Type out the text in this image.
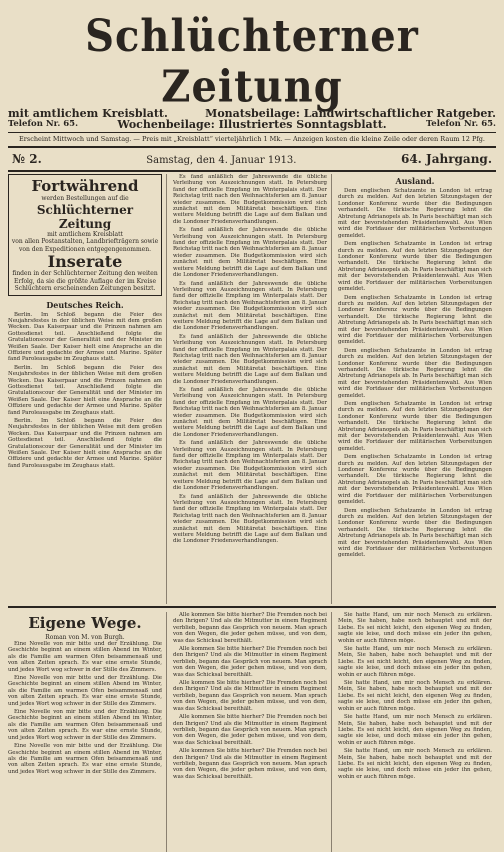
Schlüchterner Zeitung
mit amtlichem Kreisblatt.	Monatsbeilage: Landwirtschaftlicher Ratgeber.
Telefon Nr. 65.	Wochenbeilage: Illustriertes Sonntagsblatt.	Telefon Nr. 65.
Erscheint Mittwoch und Samstag. — Preis mit „Kreisblatt“ vierteljährlich 1 Mk. — Anzeigen kosten die kleine Zeile oder deren Raum 12 Pfg.
№ 2.	Samstag, den 4. Januar 1913.	64. Jahrgang.
Fortwährend
werden Bestellungen auf die
Schlüchterner Zeitung
mit amtlichem Kreisblatt
von allen Postanstalten, Landbriefträgern sowie von den Expeditionen entgegengenommen.
Inserate
finden in der Schlüchterner Zeitung den weiten Erfolg, da sie die größte Auflage der im Kreise Schlüchtern erscheinenden Zeitungen besitzt.
Deutsches Reich.

Berlin. Im Schloß begann die Feier des Neujahrsfestes in der üblichen Weise mit dem großen Wecken. Das Kaiserpaar und die Prinzen nahmen am Gottesdienst teil. Anschließend folgte die Gratulationscour der Generalität und der Minister im Weißen Saale. Der Kaiser hielt eine Ansprache an die Offiziere und gedachte der Armee und Marine. Später fand Paroleausgabe im Zeughaus statt.

Berlin. Im Schloß begann die Feier des Neujahrsfestes in der üblichen Weise mit dem großen Wecken. Das Kaiserpaar und die Prinzen nahmen am Gottesdienst teil. Anschließend folgte die Gratulationscour der Generalität und der Minister im Weißen Saale. Der Kaiser hielt eine Ansprache an die Offiziere und gedachte der Armee und Marine. Später fand Paroleausgabe im Zeughaus statt.

Berlin. Im Schloß begann die Feier des Neujahrsfestes in der üblichen Weise mit dem großen Wecken. Das Kaiserpaar und die Prinzen nahmen am Gottesdienst teil. Anschließend folgte die Gratulationscour der Generalität und der Minister im Weißen Saale. Der Kaiser hielt eine Ansprache an die Offiziere und gedachte der Armee und Marine. Später fand Paroleausgabe im Zeughaus statt.

Es fand anläßlich der Jahreswende die übliche Verleihung von Auszeichnungen statt. In Petersburg fand der offizielle Empfang im Winterpalais statt. Der Reichstag tritt nach den Weihnachtsferien am 8. Januar wieder zusammen. Die Budgetkommission wird sich zunächst mit dem Militäretat beschäftigen. Eine weitere Meldung betrifft die Lage auf dem Balkan und die Londoner Friedensverhandlungen.

Es fand anläßlich der Jahreswende die übliche Verleihung von Auszeichnungen statt. In Petersburg fand der offizielle Empfang im Winterpalais statt. Der Reichstag tritt nach den Weihnachtsferien am 8. Januar wieder zusammen. Die Budgetkommission wird sich zunächst mit dem Militäretat beschäftigen. Eine weitere Meldung betrifft die Lage auf dem Balkan und die Londoner Friedensverhandlungen.

Es fand anläßlich der Jahreswende die übliche Verleihung von Auszeichnungen statt. In Petersburg fand der offizielle Empfang im Winterpalais statt. Der Reichstag tritt nach den Weihnachtsferien am 8. Januar wieder zusammen. Die Budgetkommission wird sich zunächst mit dem Militäretat beschäftigen. Eine weitere Meldung betrifft die Lage auf dem Balkan und die Londoner Friedensverhandlungen.

Es fand anläßlich der Jahreswende die übliche Verleihung von Auszeichnungen statt. In Petersburg fand der offizielle Empfang im Winterpalais statt. Der Reichstag tritt nach den Weihnachtsferien am 8. Januar wieder zusammen. Die Budgetkommission wird sich zunächst mit dem Militäretat beschäftigen. Eine weitere Meldung betrifft die Lage auf dem Balkan und die Londoner Friedensverhandlungen.

Es fand anläßlich der Jahreswende die übliche Verleihung von Auszeichnungen statt. In Petersburg fand der offizielle Empfang im Winterpalais statt. Der Reichstag tritt nach den Weihnachtsferien am 8. Januar wieder zusammen. Die Budgetkommission wird sich zunächst mit dem Militäretat beschäftigen. Eine weitere Meldung betrifft die Lage auf dem Balkan und die Londoner Friedensverhandlungen.

Es fand anläßlich der Jahreswende die übliche Verleihung von Auszeichnungen statt. In Petersburg fand der offizielle Empfang im Winterpalais statt. Der Reichstag tritt nach den Weihnachtsferien am 8. Januar wieder zusammen. Die Budgetkommission wird sich zunächst mit dem Militäretat beschäftigen. Eine weitere Meldung betrifft die Lage auf dem Balkan und die Londoner Friedensverhandlungen.

Es fand anläßlich der Jahreswende die übliche Verleihung von Auszeichnungen statt. In Petersburg fand der offizielle Empfang im Winterpalais statt. Der Reichstag tritt nach den Weihnachtsferien am 8. Januar wieder zusammen. Die Budgetkommission wird sich zunächst mit dem Militäretat beschäftigen. Eine weitere Meldung betrifft die Lage auf dem Balkan und die Londoner Friedensverhandlungen.

Ausland.

Dem englischen Schatzamte in London ist ertrag durch zu melden. Auf den letzten Sitzungstagen der Londoner Konferenz wurde über die Bedingungen verhandelt. Die türkische Regierung lehnt die Abtretung Adrianopels ab. In Paris beschäftigt man sich mit der bevorstehenden Präsidentenwahl. Aus Wien wird die Fortdauer der militärischen Vorbereitungen gemeldet.

Dem englischen Schatzamte in London ist ertrag durch zu melden. Auf den letzten Sitzungstagen der Londoner Konferenz wurde über die Bedingungen verhandelt. Die türkische Regierung lehnt die Abtretung Adrianopels ab. In Paris beschäftigt man sich mit der bevorstehenden Präsidentenwahl. Aus Wien wird die Fortdauer der militärischen Vorbereitungen gemeldet.

Dem englischen Schatzamte in London ist ertrag durch zu melden. Auf den letzten Sitzungstagen der Londoner Konferenz wurde über die Bedingungen verhandelt. Die türkische Regierung lehnt die Abtretung Adrianopels ab. In Paris beschäftigt man sich mit der bevorstehenden Präsidentenwahl. Aus Wien wird die Fortdauer der militärischen Vorbereitungen gemeldet.

Dem englischen Schatzamte in London ist ertrag durch zu melden. Auf den letzten Sitzungstagen der Londoner Konferenz wurde über die Bedingungen verhandelt. Die türkische Regierung lehnt die Abtretung Adrianopels ab. In Paris beschäftigt man sich mit der bevorstehenden Präsidentenwahl. Aus Wien wird die Fortdauer der militärischen Vorbereitungen gemeldet.

Dem englischen Schatzamte in London ist ertrag durch zu melden. Auf den letzten Sitzungstagen der Londoner Konferenz wurde über die Bedingungen verhandelt. Die türkische Regierung lehnt die Abtretung Adrianopels ab. In Paris beschäftigt man sich mit der bevorstehenden Präsidentenwahl. Aus Wien wird die Fortdauer der militärischen Vorbereitungen gemeldet.

Dem englischen Schatzamte in London ist ertrag durch zu melden. Auf den letzten Sitzungstagen der Londoner Konferenz wurde über die Bedingungen verhandelt. Die türkische Regierung lehnt die Abtretung Adrianopels ab. In Paris beschäftigt man sich mit der bevorstehenden Präsidentenwahl. Aus Wien wird die Fortdauer der militärischen Vorbereitungen gemeldet.

Dem englischen Schatzamte in London ist ertrag durch zu melden. Auf den letzten Sitzungstagen der Londoner Konferenz wurde über die Bedingungen verhandelt. Die türkische Regierung lehnt die Abtretung Adrianopels ab. In Paris beschäftigt man sich mit der bevorstehenden Präsidentenwahl. Aus Wien wird die Fortdauer der militärischen Vorbereitungen gemeldet.

Eigene Wege.
Roman von M. von Burgh.

Eine Novelle von mir bitte und der Erzählung. Die Geschichte beginnt an einem stillen Abend im Winter, als die Familie am warmen Ofen beisammensaß und von alten Zeiten sprach. Es war eine ernste Stunde, und jedes Wort wog schwer in der Stille des Zimmers.

Eine Novelle von mir bitte und der Erzählung. Die Geschichte beginnt an einem stillen Abend im Winter, als die Familie am warmen Ofen beisammensaß und von alten Zeiten sprach. Es war eine ernste Stunde, und jedes Wort wog schwer in der Stille des Zimmers.

Eine Novelle von mir bitte und der Erzählung. Die Geschichte beginnt an einem stillen Abend im Winter, als die Familie am warmen Ofen beisammensaß und von alten Zeiten sprach. Es war eine ernste Stunde, und jedes Wort wog schwer in der Stille des Zimmers.

Eine Novelle von mir bitte und der Erzählung. Die Geschichte beginnt an einem stillen Abend im Winter, als die Familie am warmen Ofen beisammensaß und von alten Zeiten sprach. Es war eine ernste Stunde, und jedes Wort wog schwer in der Stille des Zimmers.

Alle kommen Sie bitte hierher? Die Fremden noch bei den Ihrigen? Und als die Mitmutter in einem Regiment verblieb, begann das Gespräch von neuem. Man sprach von den Wegen, die jeder gehen müsse, und von dem, was das Schicksal bereithält.

Alle kommen Sie bitte hierher? Die Fremden noch bei den Ihrigen? Und als die Mitmutter in einem Regiment verblieb, begann das Gespräch von neuem. Man sprach von den Wegen, die jeder gehen müsse, und von dem, was das Schicksal bereithält.

Alle kommen Sie bitte hierher? Die Fremden noch bei den Ihrigen? Und als die Mitmutter in einem Regiment verblieb, begann das Gespräch von neuem. Man sprach von den Wegen, die jeder gehen müsse, und von dem, was das Schicksal bereithält.

Alle kommen Sie bitte hierher? Die Fremden noch bei den Ihrigen? Und als die Mitmutter in einem Regiment verblieb, begann das Gespräch von neuem. Man sprach von den Wegen, die jeder gehen müsse, und von dem, was das Schicksal bereithält.

Alle kommen Sie bitte hierher? Die Fremden noch bei den Ihrigen? Und als die Mitmutter in einem Regiment verblieb, begann das Gespräch von neuem. Man sprach von den Wegen, die jeder gehen müsse, und von dem, was das Schicksal bereithält.

Sie hatte Hand, um mir noch Mensch zu erklären. Mein, Sie haben, habe noch behauptet und mit der Liebe. Es sei nicht leicht, den eigenen Weg zu finden, sagte sie leise, und doch müsse ein jeder ihn gehen, wohin er auch führen möge.

Sie hatte Hand, um mir noch Mensch zu erklären. Mein, Sie haben, habe noch behauptet und mit der Liebe. Es sei nicht leicht, den eigenen Weg zu finden, sagte sie leise, und doch müsse ein jeder ihn gehen, wohin er auch führen möge.

Sie hatte Hand, um mir noch Mensch zu erklären. Mein, Sie haben, habe noch behauptet und mit der Liebe. Es sei nicht leicht, den eigenen Weg zu finden, sagte sie leise, und doch müsse ein jeder ihn gehen, wohin er auch führen möge.

Sie hatte Hand, um mir noch Mensch zu erklären. Mein, Sie haben, habe noch behauptet und mit der Liebe. Es sei nicht leicht, den eigenen Weg zu finden, sagte sie leise, und doch müsse ein jeder ihn gehen, wohin er auch führen möge.

Sie hatte Hand, um mir noch Mensch zu erklären. Mein, Sie haben, habe noch behauptet und mit der Liebe. Es sei nicht leicht, den eigenen Weg zu finden, sagte sie leise, und doch müsse ein jeder ihn gehen, wohin er auch führen möge.
